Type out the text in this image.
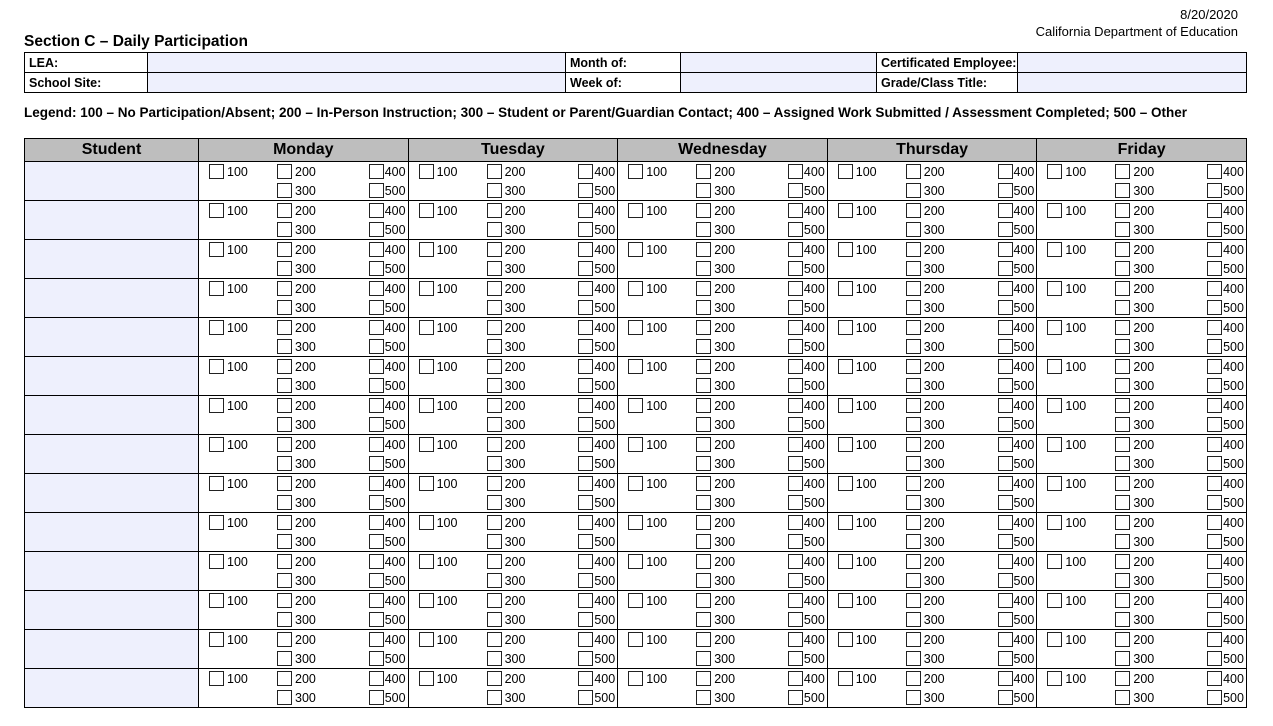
8/20/2020
California Department of Education
Section C – Daily Participation
LEA:		Month of:		Certificated Employee:	
School Site:		Week of:		Grade/Class Title:	
Legend: 100 – No Participation/Absent; 200 – In-Person Instruction; 300 – Student or Parent/Guardian Contact; 400 – Assigned Work Submitted / Assessment Completed; 500 – Other
Student	Monday	Tuesday	Wednesday	Thursday	Friday

	100 200
300
400
500	100 200
300
400
500	100 200
300
400
500	100 200
300
400
500	100 200
300
400
500

	100 200
300
400
500	100 200
300
400
500	100 200
300
400
500	100 200
300
400
500	100 200
300
400
500

	100 200
300
400
500	100 200
300
400
500	100 200
300
400
500	100 200
300
400
500	100 200
300
400
500

	100 200
300
400
500	100 200
300
400
500	100 200
300
400
500	100 200
300
400
500	100 200
300
400
500

	100 200
300
400
500	100 200
300
400
500	100 200
300
400
500	100 200
300
400
500	100 200
300
400
500

	100 200
300
400
500	100 200
300
400
500	100 200
300
400
500	100 200
300
400
500	100 200
300
400
500

	100 200
300
400
500	100 200
300
400
500	100 200
300
400
500	100 200
300
400
500	100 200
300
400
500

	100 200
300
400
500	100 200
300
400
500	100 200
300
400
500	100 200
300
400
500	100 200
300
400
500

	100 200
300
400
500	100 200
300
400
500	100 200
300
400
500	100 200
300
400
500	100 200
300
400
500

	100 200
300
400
500	100 200
300
400
500	100 200
300
400
500	100 200
300
400
500	100 200
300
400
500

	100 200
300
400
500	100 200
300
400
500	100 200
300
400
500	100 200
300
400
500	100 200
300
400
500

	100 200
300
400
500	100 200
300
400
500	100 200
300
400
500	100 200
300
400
500	100 200
300
400
500

	100 200
300
400
500	100 200
300
400
500	100 200
300
400
500	100 200
300
400
500	100 200
300
400
500

	100 200
300
400
500	100 200
300
400
500	100 200
300
400
500	100 200
300
400
500	100 200
300
400
500
